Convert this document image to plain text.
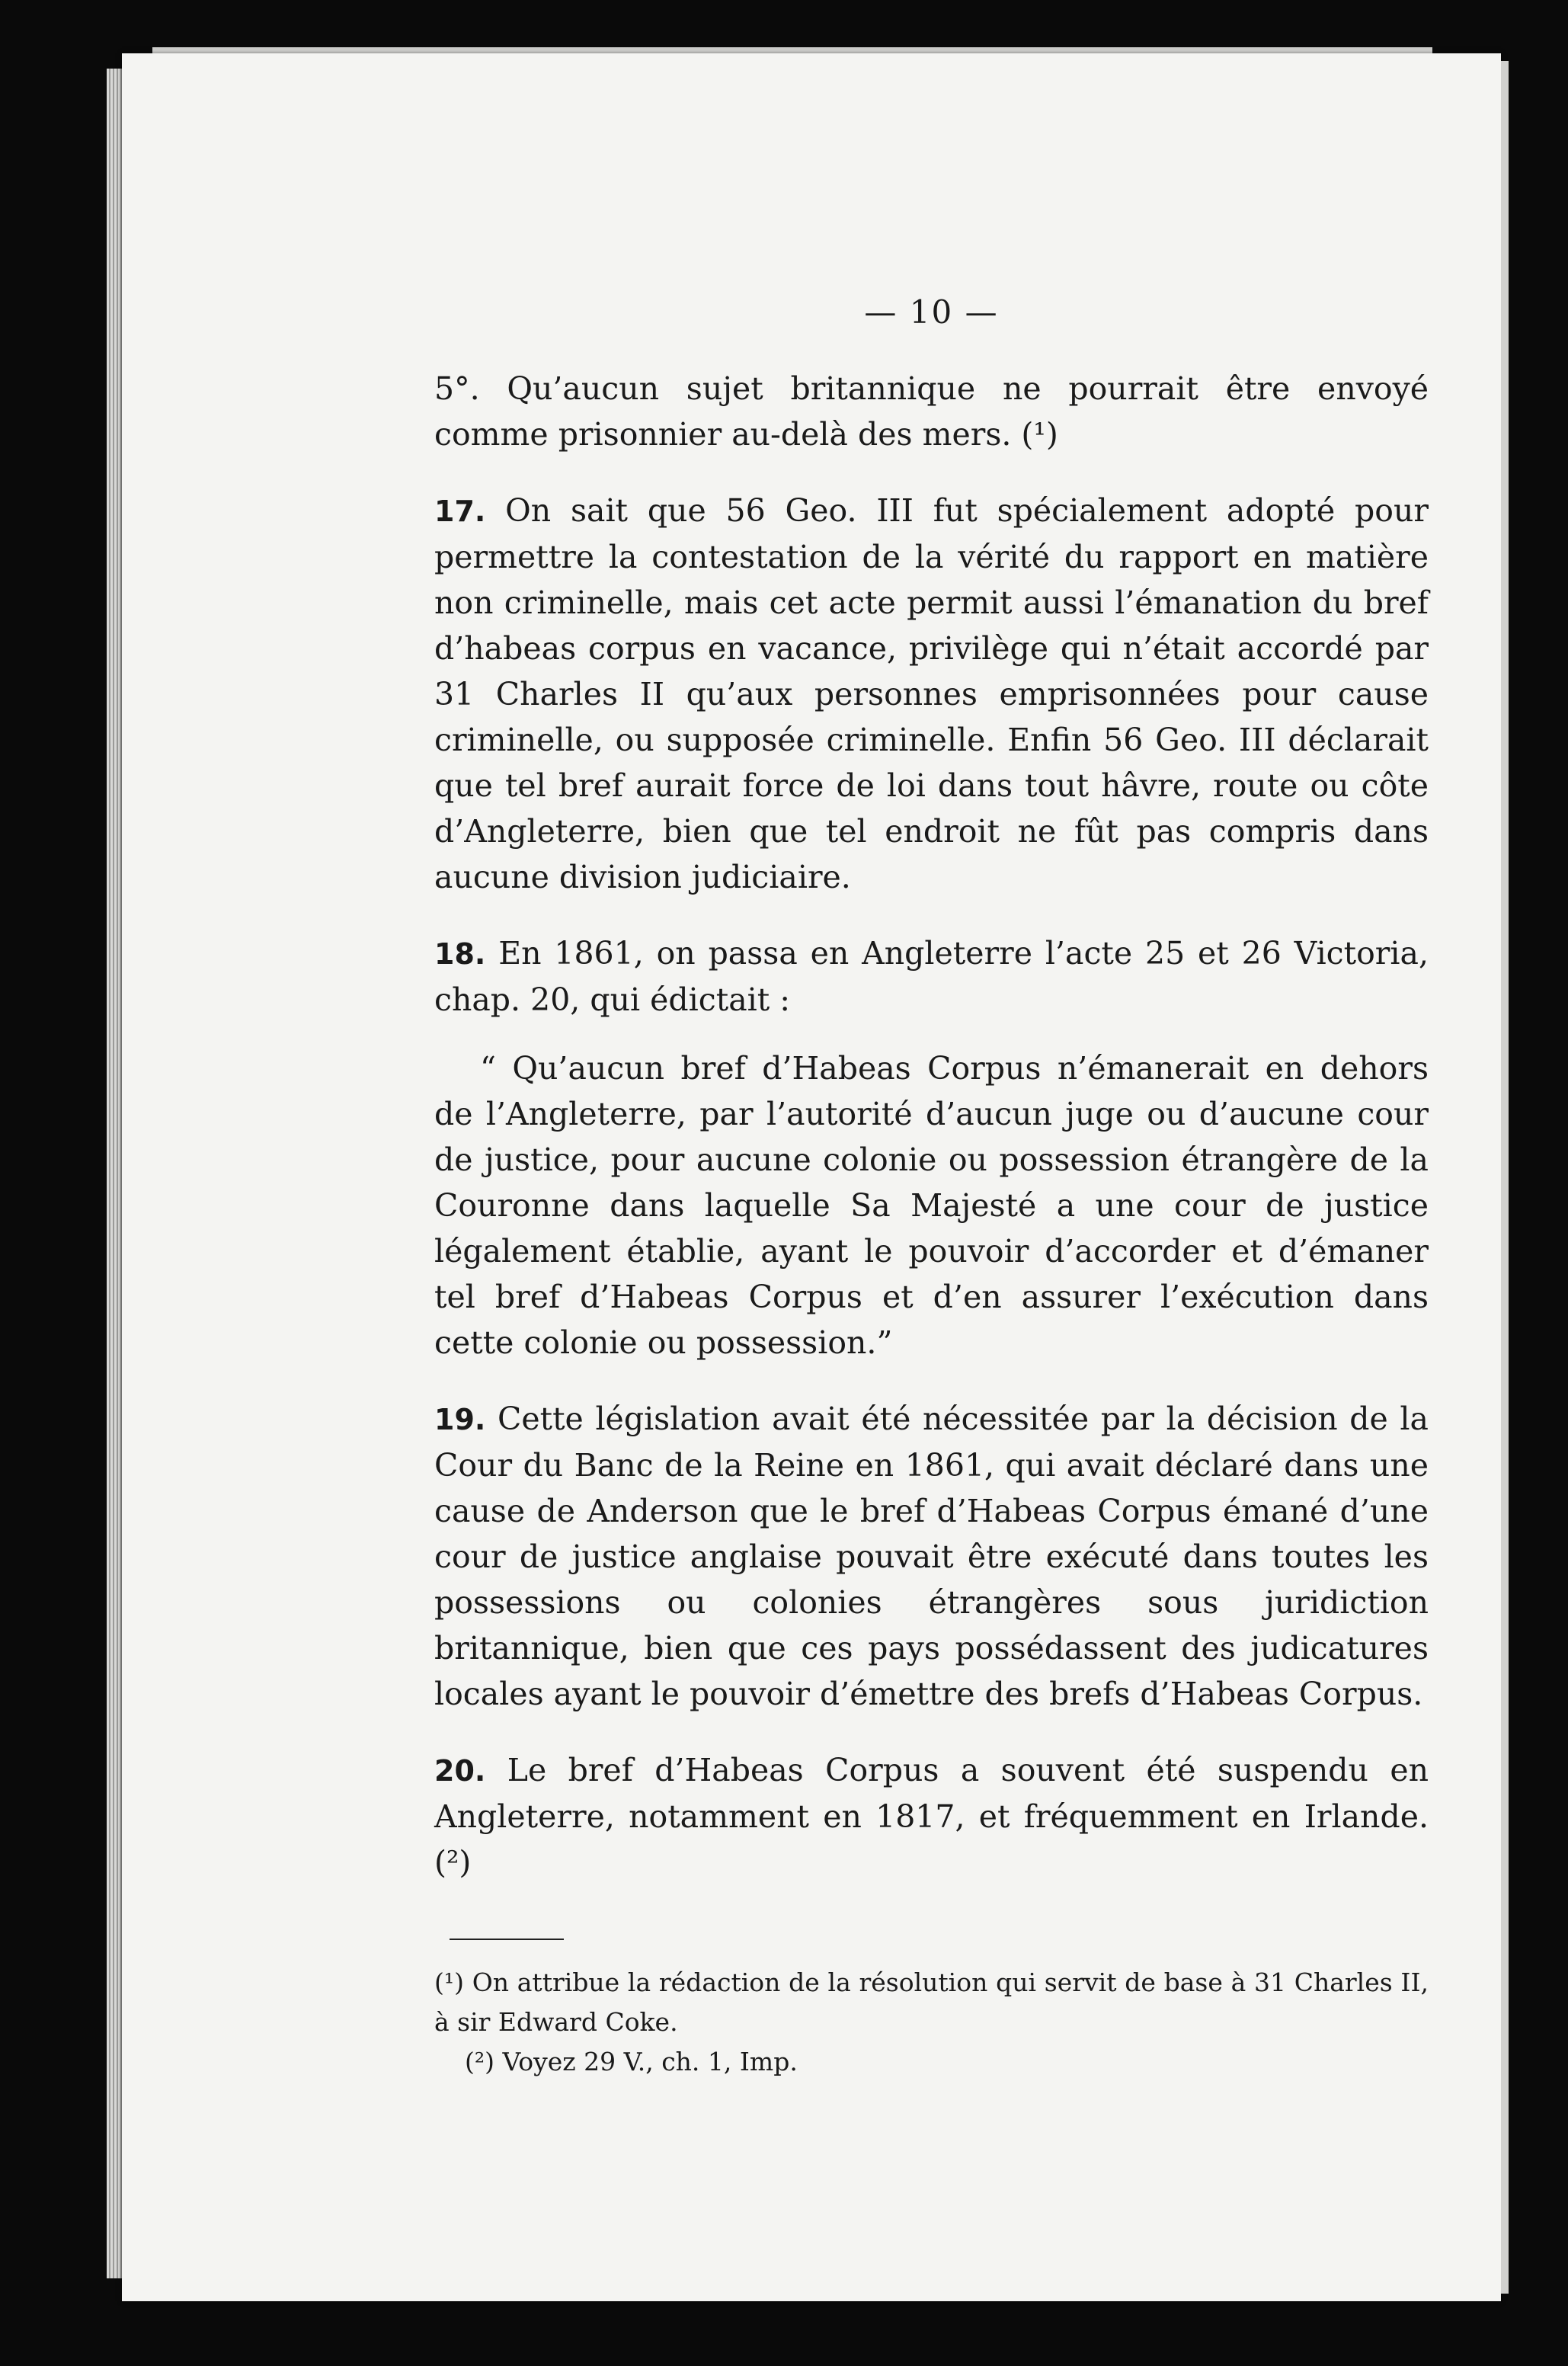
— 10 —

5°. Qu’aucun sujet britannique ne pourrait être envoyé comme prisonnier au-delà des mers. (¹)

17. On sait que 56 Geo. III fut spécialement adopté pour permettre la contestation de la vérité du rapport en matière non criminelle, mais cet acte permit aussi l’émanation du bref d’habeas corpus en vacance, privilège qui n’était accordé par 31 Charles II qu’aux personnes emprisonnées pour cause criminelle, ou supposée criminelle. Enfin 56 Geo. III déclarait que tel bref aurait force de loi dans tout hâvre, route ou côte d’Angleterre, bien que tel endroit ne fût pas compris dans aucune division judiciaire.

18. En 1861, on passa en Angleterre l’acte 25 et 26 Victoria, chap. 20, qui édictait :

“ Qu’aucun bref d’Habeas Corpus n’émanerait en dehors de l’Angleterre, par l’autorité d’aucun juge ou d’aucune cour de justice, pour aucune colonie ou possession étrangère de la Couronne dans laquelle Sa Majesté a une cour de justice légalement établie, ayant le pouvoir d’accorder et d’émaner tel bref d’Habeas Corpus et d’en assurer l’exécution dans cette colonie ou possession.”

19. Cette législation avait été nécessitée par la décision de la Cour du Banc de la Reine en 1861, qui avait déclaré dans une cause de Anderson que le bref d’Habeas Corpus émané d’une cour de justice anglaise pouvait être exécuté dans toutes les possessions ou colonies étrangères sous juridiction britannique, bien que ces pays possédassent des judicatures locales ayant le pouvoir d’émettre des brefs d’Habeas Corpus.

20. Le bref d’Habeas Corpus a souvent été suspendu en Angleterre, notamment en 1817, et fréquemment en Irlande. (²)

(¹) On attribue la rédaction de la résolution qui servit de base à 31 Charles II, à sir Edward Coke.

(²) Voyez 29 V., ch. 1, Imp.
